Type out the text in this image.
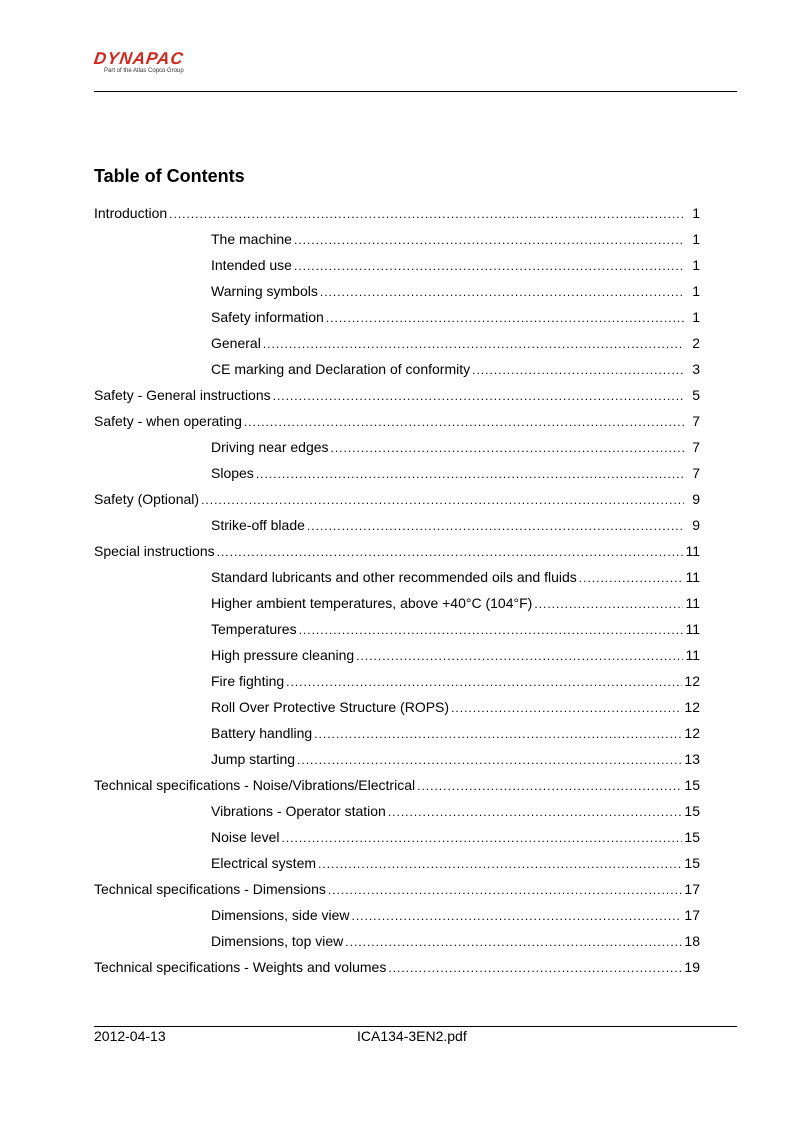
DYNAPAC
Part of the Atlas Copco Group
Table of Contents
Introduction .....	1
The machine .....	1
Intended use .....	1
Warning symbols .....	1
Safety information .....	1
General .....	2
CE marking and Declaration of conformity .....	3
Safety - General instructions .....	5
Safety - when operating .....	7
Driving near edges .....	7
Slopes .....	7
Safety (Optional) .....	9
Strike-off blade .....	9
Special instructions .....	11
Standard lubricants and other recommended oils and fluids .....	11
Higher ambient temperatures, above +40°C (104°F) .....	11
Temperatures .....	11
High pressure cleaning .....	11
Fire fighting .....	12
Roll Over Protective Structure (ROPS) .....	12
Battery handling .....	12
Jump starting .....	13
Technical specifications - Noise/Vibrations/Electrical .....	15
Vibrations - Operator station .....	15
Noise level .....	15
Electrical system .....	15
Technical specifications - Dimensions .....	17
Dimensions, side view .....	17
Dimensions, top view .....	18
Technical specifications - Weights and volumes .....	19
2012-04-13	ICA134-3EN2.pdf
